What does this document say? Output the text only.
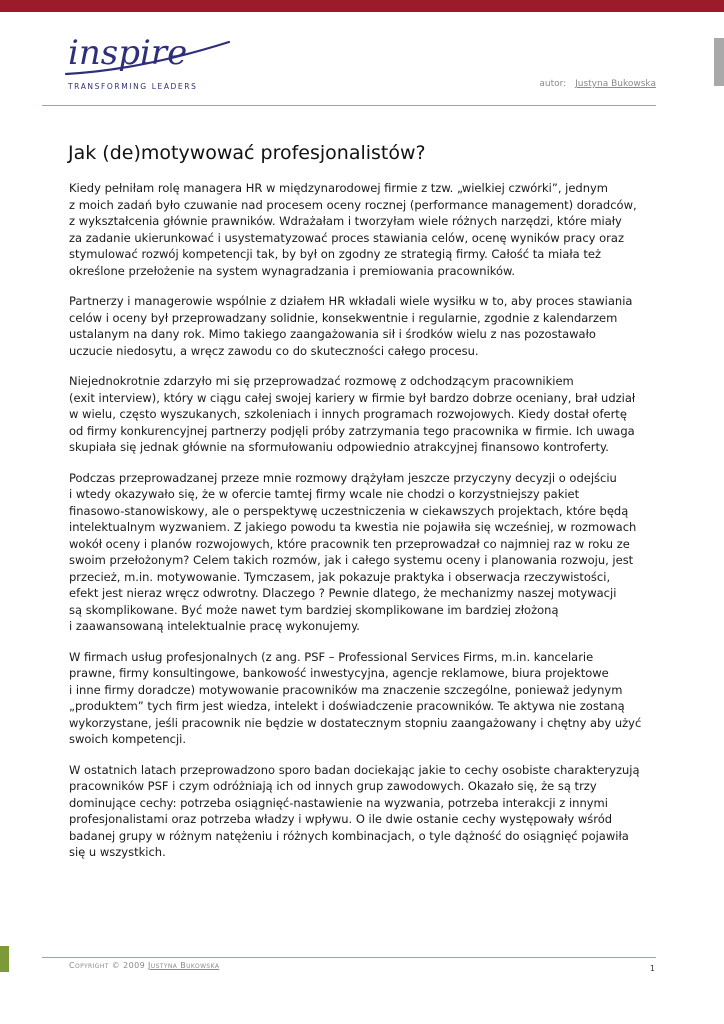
inspire
TRANSFORMING LEADERS	autor: Justyna Bukowska
Jak (de)motywować profesjonalistów?

Kiedy pełniłam rolę managera HR w międzynarodowej firmie z tzw. „wielkiej czwórki”, jednym
z moich zadań było czuwanie nad procesem oceny rocznej (performance management) doradców,
z wykształcenia głównie prawników. Wdrażałam i tworzyłam wiele różnych narzędzi, które miały
za zadanie ukierunkować i usystematyzować proces stawiania celów, ocenę wyników pracy oraz
stymulować rozwój kompetencji tak, by był on zgodny ze strategią firmy. Całość ta miała też
określone przełożenie na system wynagradzania i premiowania pracowników.

Partnerzy i managerowie wspólnie z działem HR wkładali wiele wysiłku w to, aby proces stawiania
celów i oceny był przeprowadzany solidnie, konsekwentnie i regularnie, zgodnie z kalendarzem
ustalanym na dany rok. Mimo takiego zaangażowania sił i środków wielu z nas pozostawało
uczucie niedosytu, a wręcz zawodu co do skuteczności całego procesu.

Niejednokrotnie zdarzyło mi się przeprowadzać rozmowę z odchodzącym pracownikiem
(exit interview), który w ciągu całej swojej kariery w firmie był bardzo dobrze oceniany, brał udział
w wielu, często wyszukanych, szkoleniach i innych programach rozwojowych. Kiedy dostał ofertę
od firmy konkurencyjnej partnerzy podjęli próby zatrzymania tego pracownika w firmie. Ich uwaga
skupiała się jednak głównie na sformułowaniu odpowiednio atrakcyjnej finansowo kontroferty.

Podczas przeprowadzanej przeze mnie rozmowy drążyłam jeszcze przyczyny decyzji o odejściu
i wtedy okazywało się, że w ofercie tamtej firmy wcale nie chodzi o korzystniejszy pakiet
finasowo-stanowiskowy, ale o perspektywę uczestniczenia w ciekawszych projektach, które będą
intelektualnym wyzwaniem. Z jakiego powodu ta kwestia nie pojawiła się wcześniej, w rozmowach
wokół oceny i planów rozwojowych, które pracownik ten przeprowadzał co najmniej raz w roku ze
swoim przełożonym? Celem takich rozmów, jak i całego systemu oceny i planowania rozwoju, jest
przecież, m.in. motywowanie. Tymczasem, jak pokazuje praktyka i obserwacja rzeczywistości,
efekt jest nieraz wręcz odwrotny. Dlaczego ? Pewnie dlatego, że mechanizmy naszej motywacji
są skomplikowane. Być może nawet tym bardziej skomplikowane im bardziej złożoną
i zaawansowaną intelektualnie pracę wykonujemy.

W firmach usług profesjonalnych (z ang. PSF – Professional Services Firms, m.in. kancelarie
prawne, firmy konsultingowe, bankowość inwestycyjna, agencje reklamowe, biura projektowe
i inne firmy doradcze) motywowanie pracowników ma znaczenie szczególne, ponieważ jedynym
„produktem” tych firm jest wiedza, intelekt i doświadczenie pracowników. Te aktywa nie zostaną
wykorzystane, jeśli pracownik nie będzie w dostatecznym stopniu zaangażowany i chętny aby użyć
swoich kompetencji.

W ostatnich latach przeprowadzono sporo badan dociekając jakie to cechy osobiste charakteryzują
pracowników PSF i czym odróżniają ich od innych grup zawodowych. Okazało się, że są trzy
dominujące cechy: potrzeba osiągnięć-nastawienie na wyzwania, potrzeba interakcji z innymi
profesjonalistami oraz potrzeba władzy i wpływu. O ile dwie ostanie cechy występowały wśród
badanej grupy w różnym natężeniu i różnych kombinacjach, o tyle dążność do osiągnięć pojawiła
się u wszystkich.

Copyright © 2009 Justyna Bukowska	1
